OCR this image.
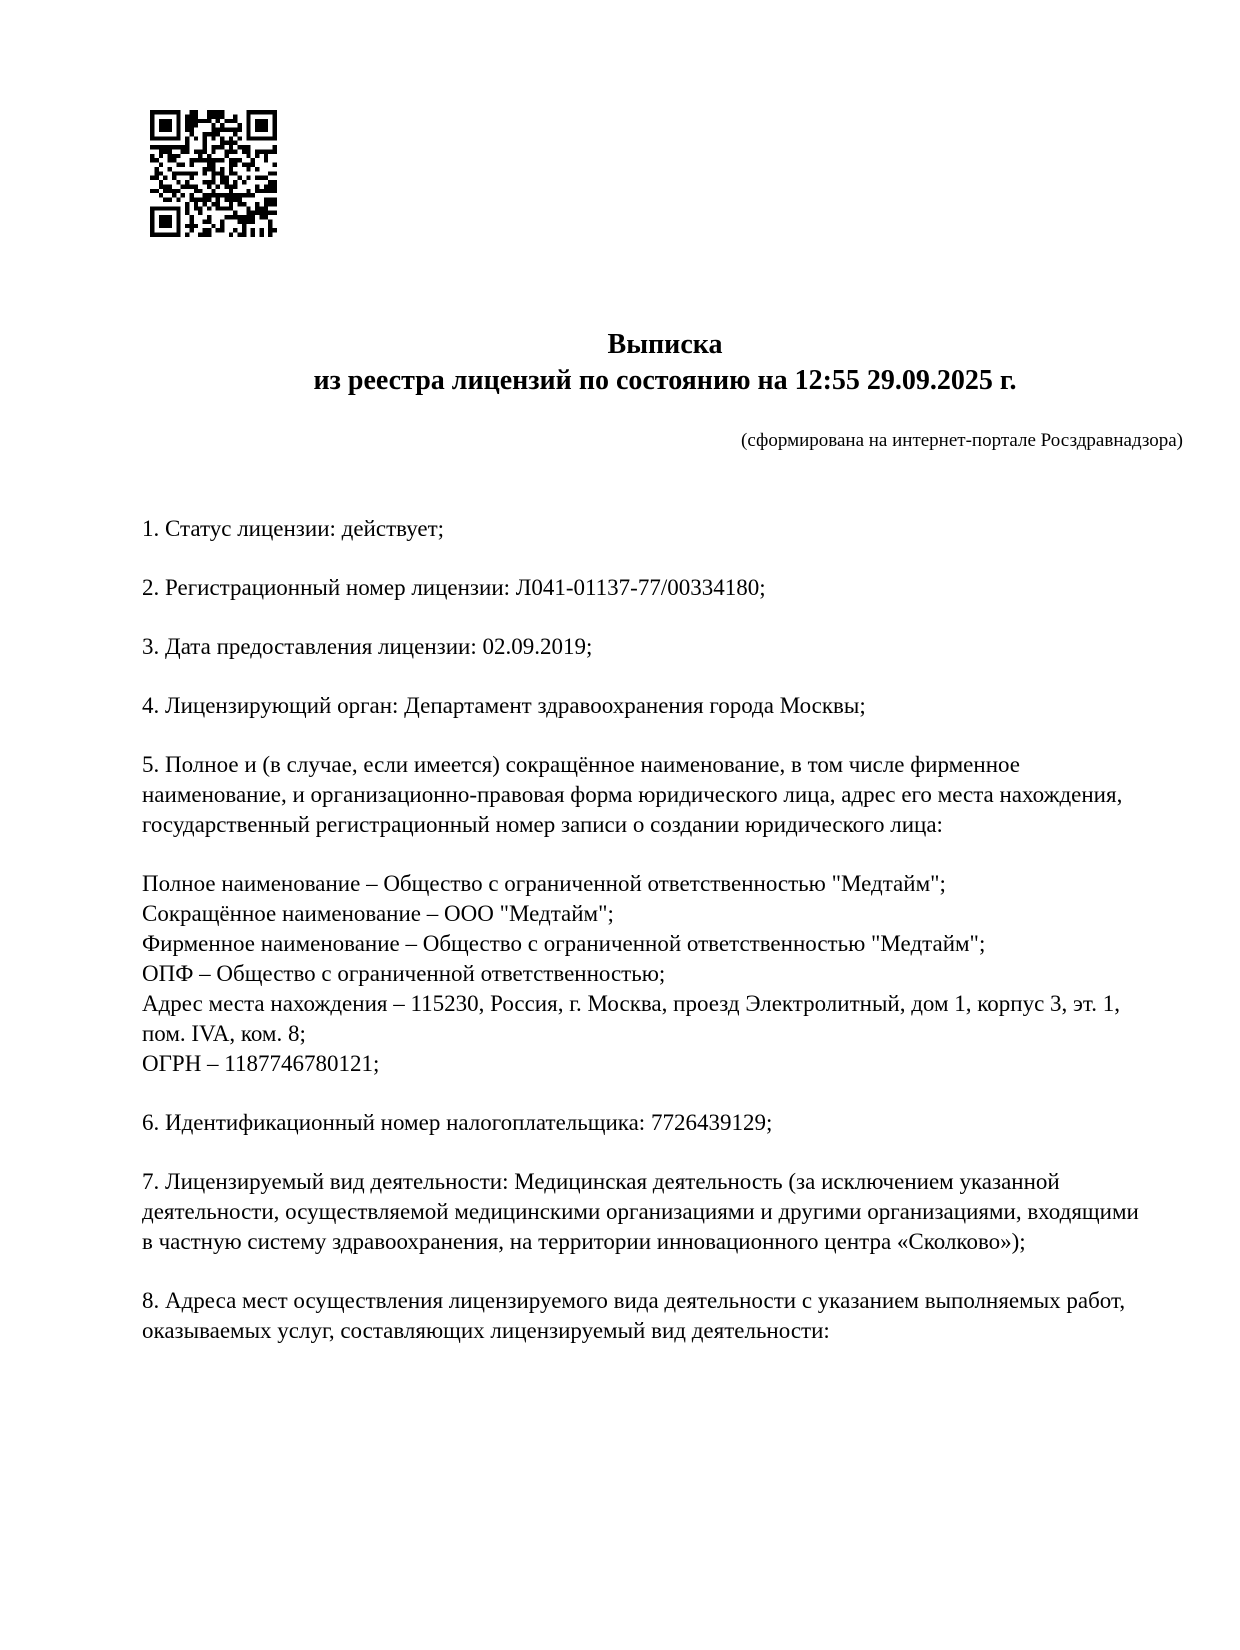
Выписка
из реестра лицензий по состоянию на 12:55 29.09.2025 г.
(сформирована на интернет-портале Росздравнадзора)

1. Статус лицензии: действует;

2. Регистрационный номер лицензии: Л041-01137-77/00334180;

3. Дата предоставления лицензии: 02.09.2019;

4. Лицензирующий орган: Департамент здравоохранения города Москвы;

5. Полное и (в случае, если имеется) сокращённое наименование, в том числе фирменное наименование, и организационно-правовая форма юридического лица, адрес его места нахождения, государственный регистрационный номер записи о создании юридического лица:

Полное наименование – Общество с ограниченной ответственностью "Медтайм";
Сокращённое наименование – ООО "Медтайм";
Фирменное наименование – Общество с ограниченной ответственностью "Медтайм";
ОПФ – Общество с ограниченной ответственностью;
Адрес места нахождения – 115230, Россия, г. Москва, проезд Электролитный, дом 1, корпус 3, эт. 1, пом. IVA, ком. 8;
ОГРН – 1187746780121;

6. Идентификационный номер налогоплательщика: 7726439129;

7. Лицензируемый вид деятельности: Медицинская деятельность (за исключением указанной деятельности, осуществляемой медицинскими организациями и другими организациями, входящими в частную систему здравоохранения, на территории инновационного центра «Сколково»);

8. Адреса мест осуществления лицензируемого вида деятельности с указанием выполняемых работ, оказываемых услуг, составляющих лицензируемый вид деятельности:
